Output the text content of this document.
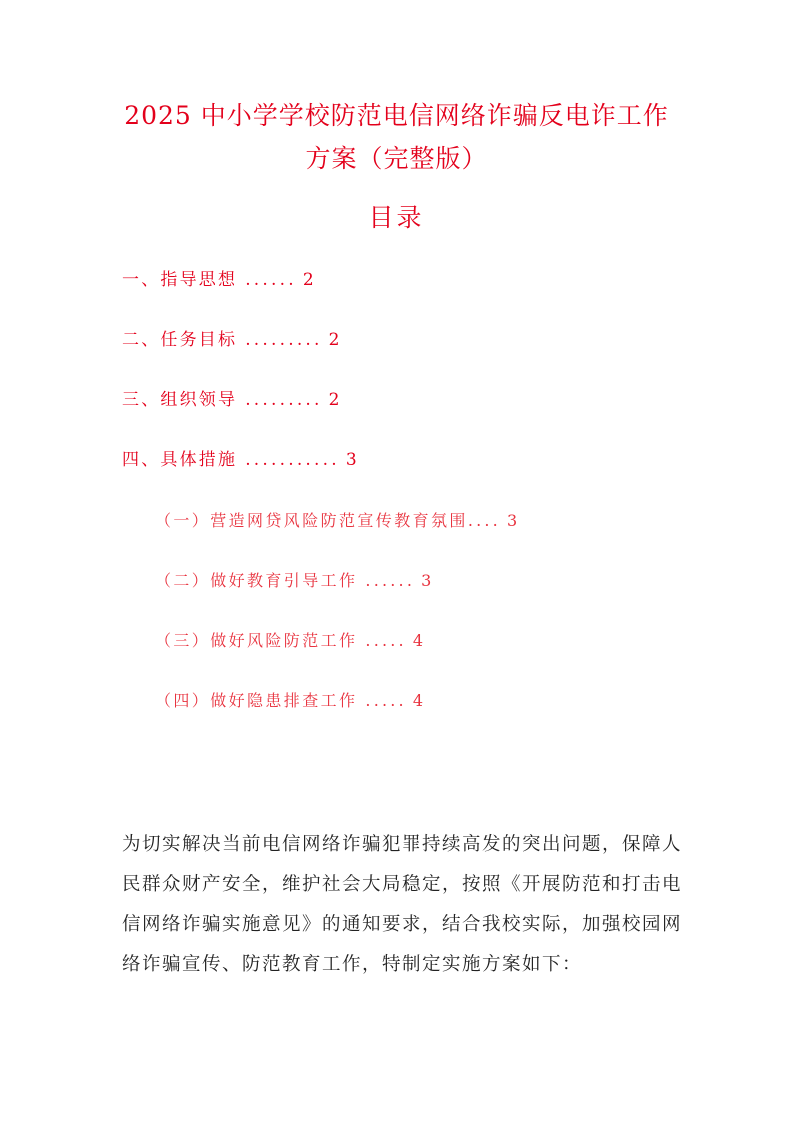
2025 中小学学校防范电信网络诈骗反电诈工作
方案（完整版）
目录
一、指导思想 ...... 2
二、任务目标 ......... 2
三、组织领导 ......... 2
四、具体措施 ........... 3
（一）营造网贷风险防范宣传教育氛围.... 3
（二）做好教育引导工作 ...... 3
（三）做好风险防范工作 ..... 4
（四）做好隐患排查工作 ..... 4

为切实解决当前电信网络诈骗犯罪持续高发的突出问题，保障人民群众财产安全，维护社会大局稳定，按照《开展防范和打击电信网络诈骗实施意见》的通知要求，结合我校实际，加强校园网络诈骗宣传、防范教育工作，特制定实施方案如下：
